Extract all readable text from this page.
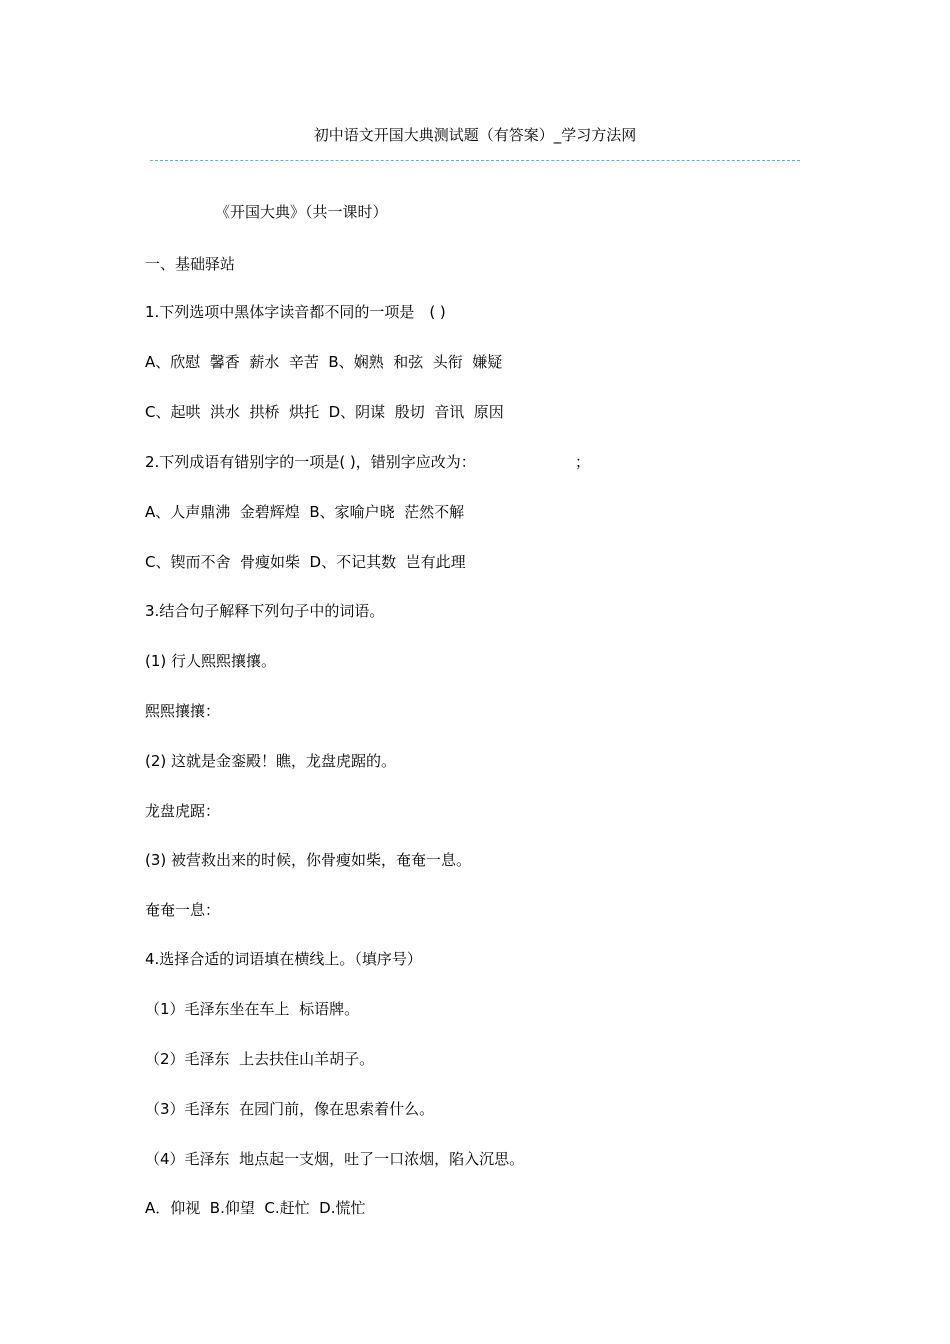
初中语文开国大典测试题（有答案）_学习方法网
《开国大典》（共一课时）
一、基础驿站
1.下列选项中黑体字读音都不同的一项是　( )
A、欣慰  馨香  薪水  辛苦  B、娴熟  和弦  头衔  嫌疑
C、起哄  洪水  拱桥  烘托  D、阴谋  殷切  音讯  原因
2.下列成语有错别字的一项是( )，错别字应改为：	；
A、人声鼎沸  金碧辉煌  B、家喻户晓  茫然不解
C、锲而不舍  骨瘦如柴  D、不记其数  岂有此理
3.结合句子解释下列句子中的词语。
(1) 行人熙熙攘攘。
熙熙攘攘：
(2) 这就是金銮殿！瞧，龙盘虎踞的。
龙盘虎踞：
(3) 被营救出来的时候，你骨瘦如柴，奄奄一息。
奄奄一息：
4.选择合适的词语填在横线上。（填序号）
（1）毛泽东坐在车上  标语牌。
（2）毛泽东  上去扶住山羊胡子。
（3）毛泽东  在园门前，像在思索着什么。
（4）毛泽东  地点起一支烟，吐了一口浓烟，陷入沉思。
A．仰视  B.仰望  C.赶忙  D.慌忙
